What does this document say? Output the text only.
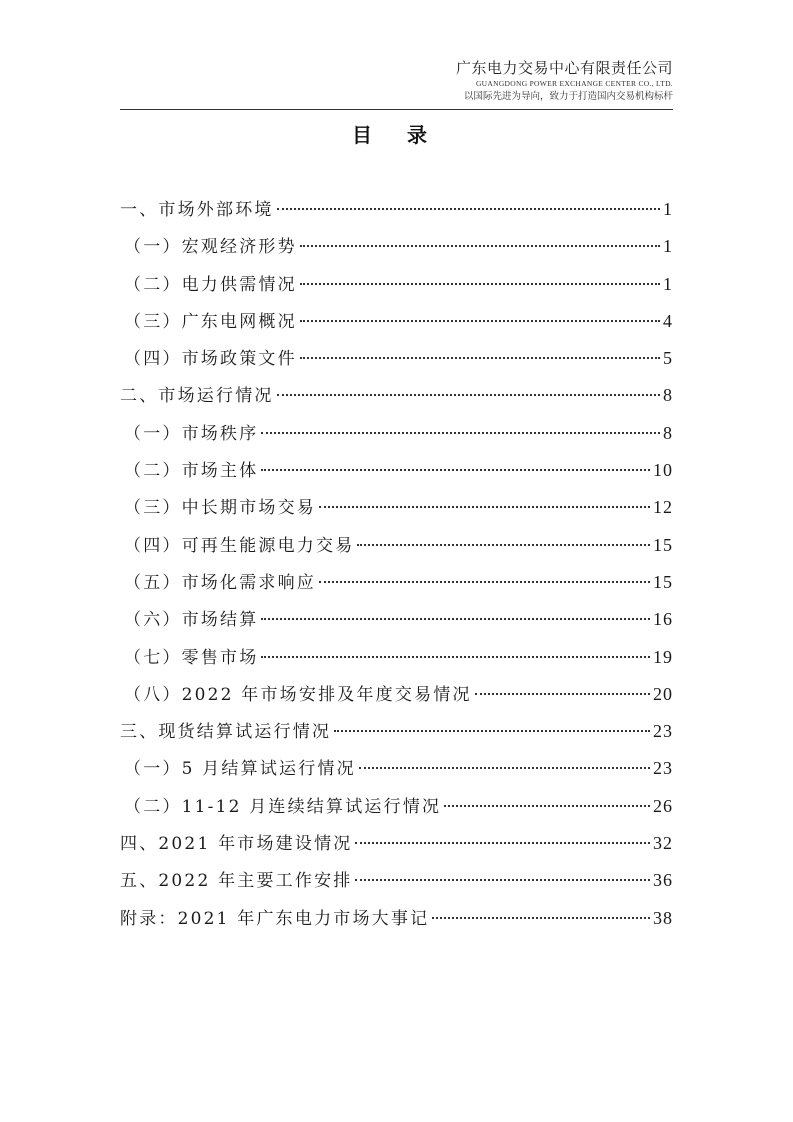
广东电力交易中心有限责任公司
GUANGDONG POWER EXCHANGE CENTER CO., LTD.
以国际先进为导向，致力于打造国内交易机构标杆
目 录
一、市场外部环境	1
（一）宏观经济形势	1
（二）电力供需情况	1
（三）广东电网概况	4
（四）市场政策文件	5
二、市场运行情况	8
（一）市场秩序	8
（二）市场主体	10
（三）中长期市场交易	12
（四）可再生能源电力交易	15
（五）市场化需求响应	15
（六）市场结算	16
（七）零售市场	19
（八）2022 年市场安排及年度交易情况	20
三、现货结算试运行情况	23
（一）5 月结算试运行情况	23
（二）11-12 月连续结算试运行情况	26
四、2021 年市场建设情况	32
五、2022 年主要工作安排	36
附录：2021 年广东电力市场大事记	38
